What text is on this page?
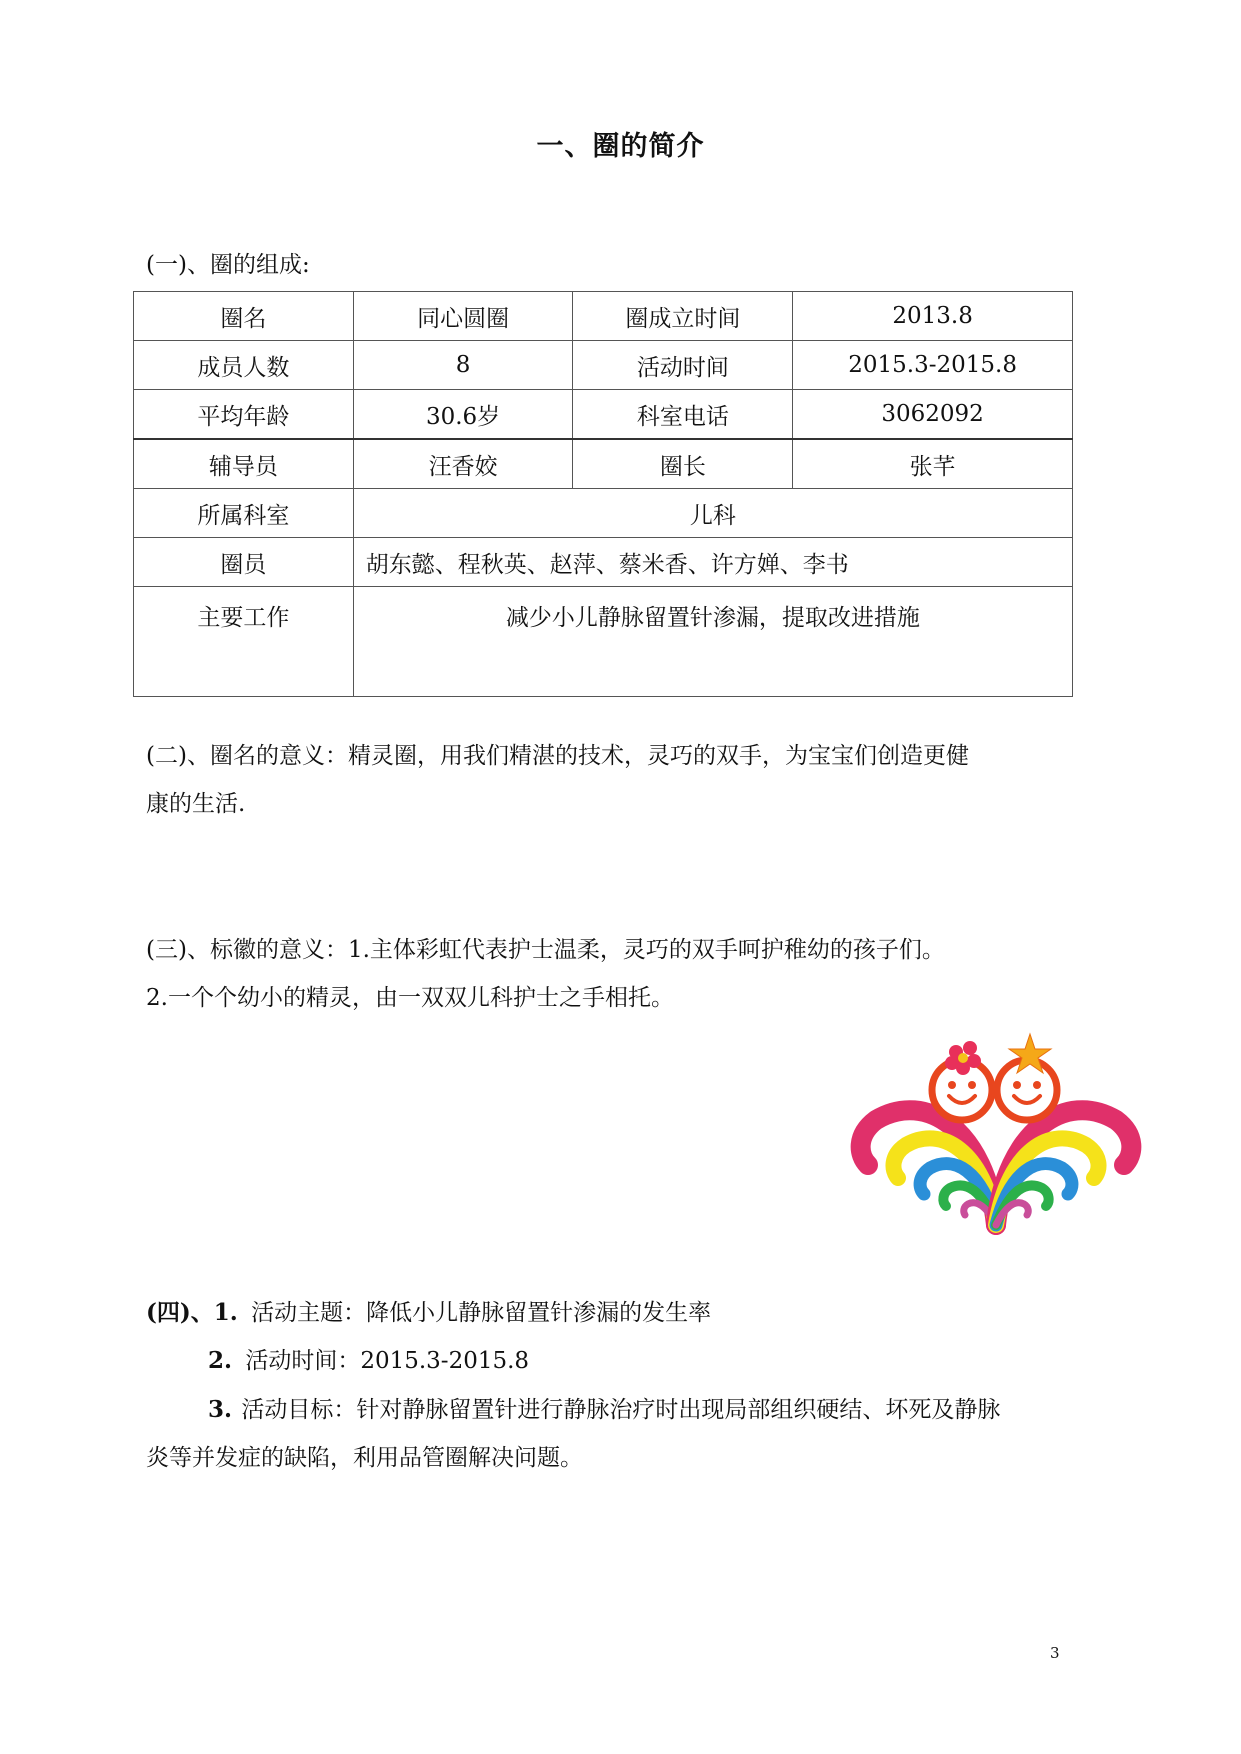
一、圈的简介
(一)、圈的组成:
圈名	同心圆圈	圈成立时间	2013.8
成员人数	8	活动时间	2015.3-2015.8
平均年龄	30.6岁	科室电话	3062092
辅导员	汪香姣	圈长	张芊
所属科室	儿科		
圈员	胡东懿、程秋英、赵萍、蔡米香、许方婵、李书		
主要工作	减少小儿静脉留置针渗漏，提取改进措施		
(二)、圈名的意义：精灵圈，用我们精湛的技术，灵巧的双手，为宝宝们创造更健
康的生活.
(三)、标徽的意义：1.主体彩虹代表护士温柔，灵巧的双手呵护稚幼的孩子们。
2.一个个幼小的精灵，由一双双儿科护士之手相托。
(四)、1. 活动主题：降低小儿静脉留置针渗漏的发生率
2. 活动时间：2015.3-2015.8
3. 活动目标：针对静脉留置针进行静脉治疗时出现局部组织硬结、坏死及静脉
炎等并发症的缺陷，利用品管圈解决问题。
3
